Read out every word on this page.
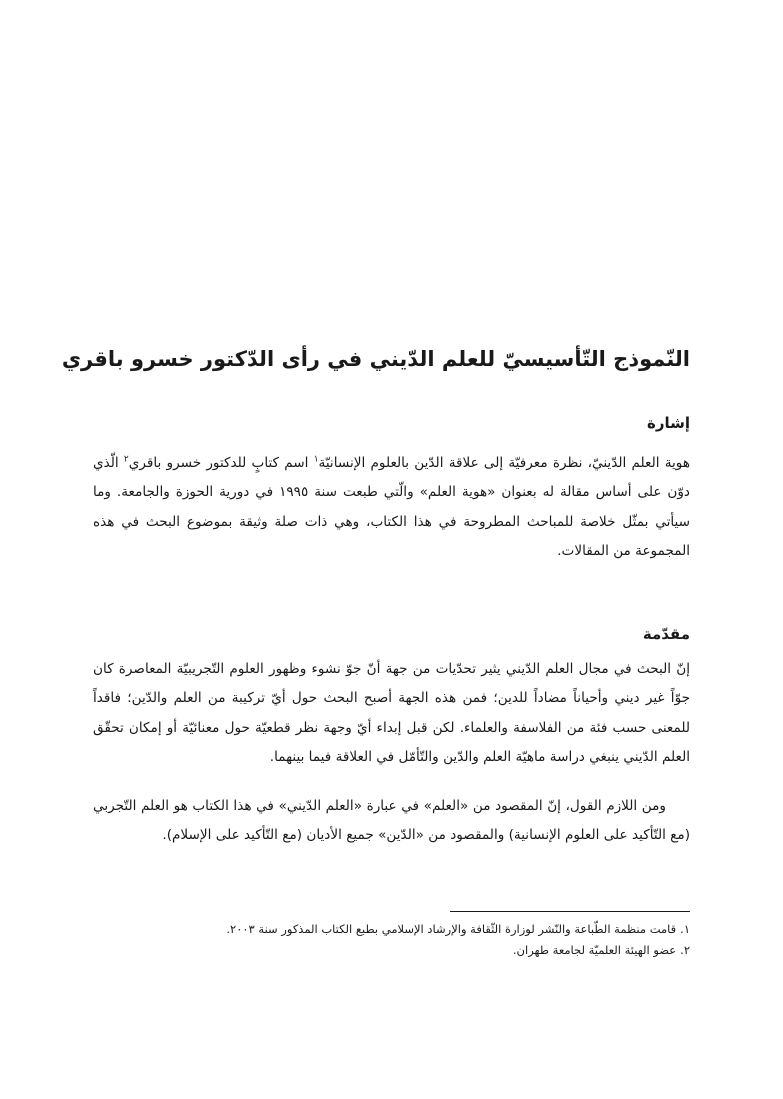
النّموذج التّأسيسيّ للعلم الدّيني في رأى الدّكتور خسرو باقري
إشارة

هوية العلم الدّينيّ، نظرة معرفيّة إلى علاقة الدّين بالعلوم الإنسانيّة$^١$ اسم كتابٍ للدكتور خسرو باقري$^٢$ الّذي دوّن على أساس مقالة له بعنوان «هوية العلم» والّتي طبعت سنة ١٩٩٥ في دورية الحوزة والجامعة. وما سيأتي بمثّل خلاصة للمباحث المطروحة في هذا الكتاب، وهي ذات صلة وثيقة بموضوع البحث في هذه المجموعة من المقالات.

مقدّمة

إنّ البحث في مجال العلم الدّيني يثير تحدّيات من جهة أنّ جوّ نشوء وظهور العلوم التّجريبيّة المعاصرة كان جوّاً غير ديني وأحياناً مضاداً للدين؛ فمن هذه الجهة أصبح البحث حول أيّ تركيبة من العلم والدّين؛ فاقداً للمعنى حسب فئة من الفلاسفة والعلماء. لكن قبل إبداء أيّ وجهة نظر قطعيّة حول معنائيّة أو إمكان تحقّق العلم الدّيني ينبغي دراسة ماهيّة العلم والدّين والتّأمّل في العلاقة فيما بينهما.

ومن اللازم القول، إنّ المقصود من «العلم» في عبارة «العلم الدّيني» في هذا الكتاب هو العلم التّجربي (مع التّأكيد على العلوم الإنسانية) والمقصود من «الدّين» جميع الأديان (مع التّأكيد على الإسلام).

١.قامت منظمة الطّباعة والنّشر لوزارة الثّقافة والإرشاد الإسلامي بطبع الكتاب المذكور سنة ٢٠٠٣.
٢.عضو الهيئة العلميّة لجامعة طهران.
